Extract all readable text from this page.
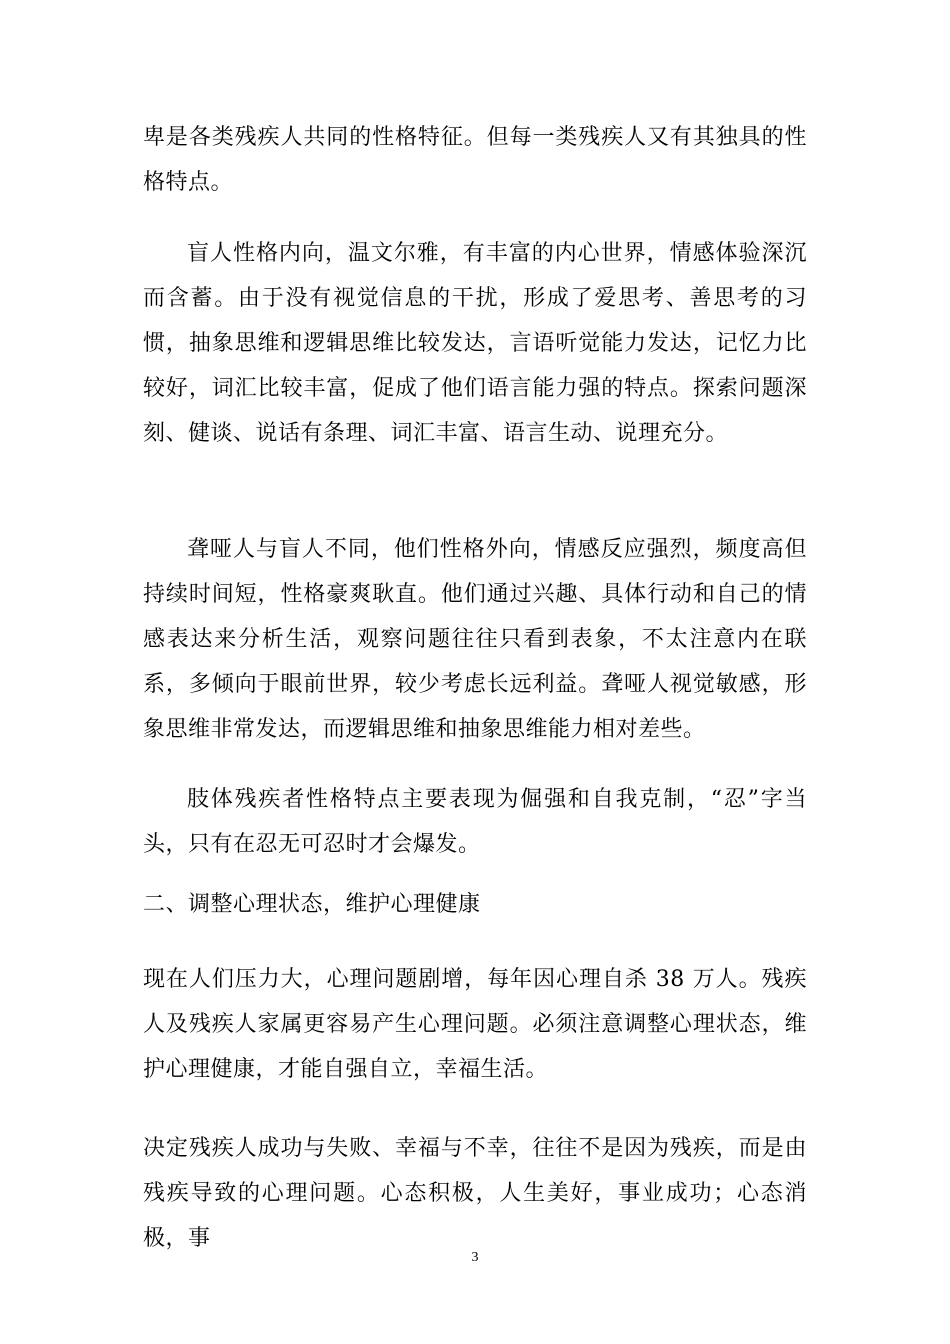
卑是各类残疾人共同的性格特征。但每一类残疾人又有其独具的性格特点。

盲人性格内向，温文尔雅，有丰富的内心世界，情感体验深沉而含蓄。由于没有视觉信息的干扰，形成了爱思考、善思考的习惯，抽象思维和逻辑思维比较发达，言语听觉能力发达，记忆力比较好，词汇比较丰富，促成了他们语言能力强的特点。探索问题深刻、健谈、说话有条理、词汇丰富、语言生动、说理充分。

聋哑人与盲人不同，他们性格外向，情感反应强烈，频度高但持续时间短，性格豪爽耿直。他们通过兴趣、具体行动和自己的情感表达来分析生活，观察问题往往只看到表象，不太注意内在联系，多倾向于眼前世界，较少考虑长远利益。聋哑人视觉敏感，形象思维非常发达，而逻辑思维和抽象思维能力相对差些。

肢体残疾者性格特点主要表现为倔强和自我克制，“忍”字当头，只有在忍无可忍时才会爆发。

二、调整心理状态，维护心理健康

现在人们压力大，心理问题剧增，每年因心理自杀 38 万人。残疾人及残疾人家属更容易产生心理问题。必须注意调整心理状态，维护心理健康，才能自强自立，幸福生活。

决定残疾人成功与失败、幸福与不幸，往往不是因为残疾，而是由残疾导致的心理问题。心态积极，人生美好，事业成功；心态消极，事

3
